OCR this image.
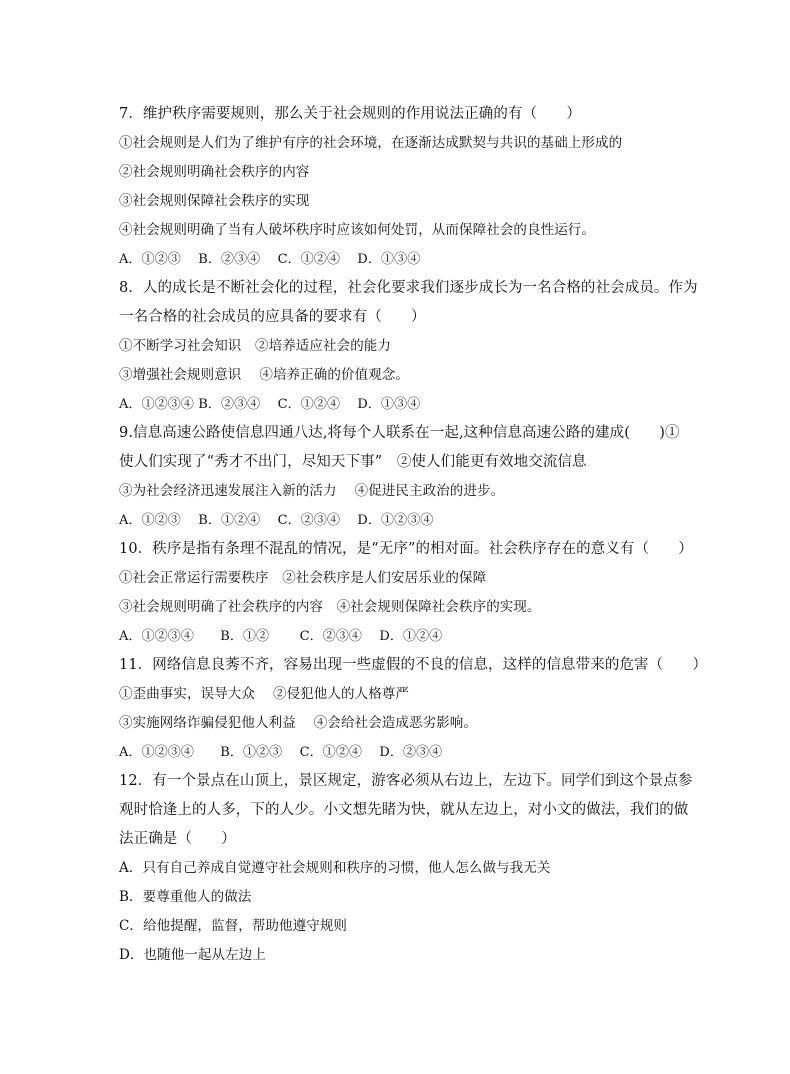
7．维护秩序需要规则，那么关于社会规则的作用说法正确的有（　　）
①社会规则是人们为了维护有序的社会环境，在逐渐达成默契与共识的基础上形成的
②社会规则明确社会秩序的内容
③社会规则保障社会秩序的实现
④社会规则明确了当有人破坏秩序时应该如何处罚，从而保障社会的良性运行。
A．①②③　 B．②③④　 C．①②④　 D．①③④
8．人的成长是不断社会化的过程，社会化要求我们逐步成长为一名合格的社会成员。作为
一名合格的社会成员的应具备的要求有（　　）
①不断学习社会知识　②培养适应社会的能力
③增强社会规则意识　 ④培养正确的价值观念。
A．①②③④ B．②③④　 C．①②④　 D．①③④
9.信息高速公路使信息四通八达,将每个人联系在一起,这种信息高速公路的建成(　　)①
使人们实现了“秀才不出门，尽知天下事”　②使人们能更有效地交流信息
③为社会经济迅速发展注入新的活力　 ④促进民主政治的进步。
A．①②③　 B．①②④　 C．②③④　 D．①②③④
10．秩序是指有条理不混乱的情况，是“无序”的相对面。社会秩序存在的意义有（　　）
①社会正常运行需要秩序　②社会秩序是人们安居乐业的保障
③社会规则明确了社会秩序的内容　④社会规则保障社会秩序的实现。
A．①②③④　　B．①②　　 C．②③④　 D．①②④
11．网络信息良莠不齐，容易出现一些虚假的不良的信息，这样的信息带来的危害（　　）
①歪曲事实，误导大众　 ②侵犯他人的人格尊严
③实施网络诈骗侵犯他人利益　 ④会给社会造成恶劣影响。
A．①②③④　　B．①②③　 C．①②④　 D．②③④
12．有一个景点在山顶上，景区规定，游客必须从右边上，左边下。同学们到这个景点参
观时恰逢上的人多，下的人少。小文想先睹为快，就从左边上，对小文的做法，我们的做
法正确是（　　）
A．只有自己养成自觉遵守社会规则和秩序的习惯，他人怎么做与我无关
B．要尊重他人的做法
C．给他提醒，监督，帮助他遵守规则
D．也随他一起从左边上
